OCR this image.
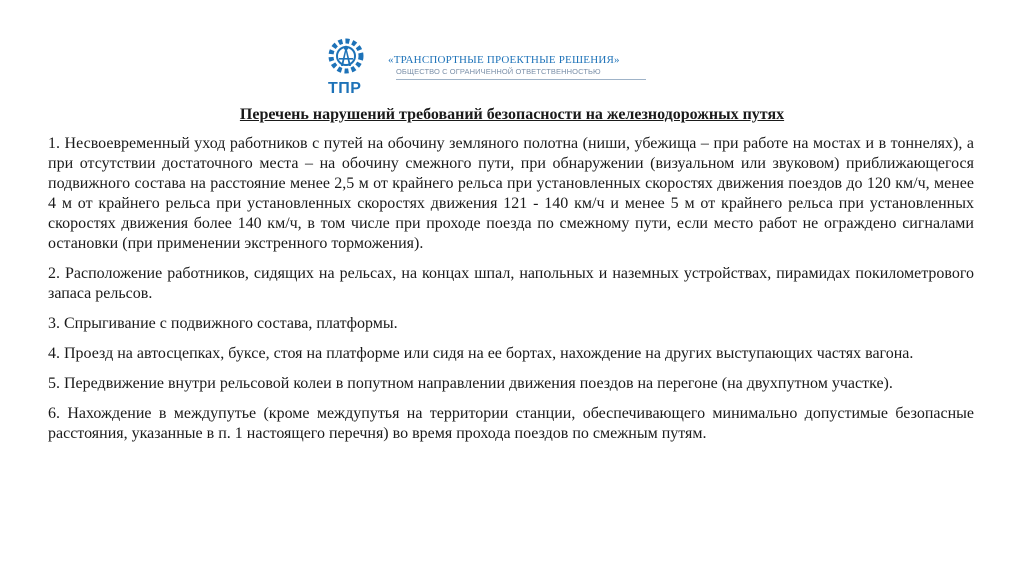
ТПР
«ТРАНСПОРТНЫЕ ПРОЕКТНЫЕ РЕШЕНИЯ»
ОБЩЕСТВО С ОГРАНИЧЕННОЙ ОТВЕТСТВЕННОСТЬЮ
Перечень нарушений требований безопасности на железнодорожных путях

1. Несвоевременный уход работников с путей на обочину земляного полотна (ниши, убежища – при работе на мостах и в тоннелях), а при отсутствии достаточного места – на обочину смежного пути, при обнаружении (визуальном или звуковом) приближающегося подвижного состава на расстояние менее 2,5 м от крайнего рельса при установленных скоростях движения поездов до 120 км/ч, менее 4 м от крайнего рельса при установленных скоростях движения 121 - 140 км/ч и менее 5 м от крайнего рельса при установленных скоростях движения более 140 км/ч, в том числе при проходе поезда по смежному пути, если место работ не ограждено сигналами остановки (при применении экстренного торможения).

2. Расположение работников, сидящих на рельсах, на концах шпал, напольных и наземных устройствах, пирамидах покилометрового запаса рельсов.

3. Спрыгивание с подвижного состава, платформы.

4. Проезд на автосцепках, буксе, стоя на платформе или сидя на ее бортах, нахождение на других выступающих частях вагона.

5. Передвижение внутри рельсовой колеи в попутном направлении движения поездов на перегоне (на двухпутном участке).

6. Нахождение в междупутье (кроме междупутья на территории станции, обеспечивающего минимально допустимые безопасные расстояния, указанные в п. 1 настоящего перечня) во время прохода поездов по смежным путям.
